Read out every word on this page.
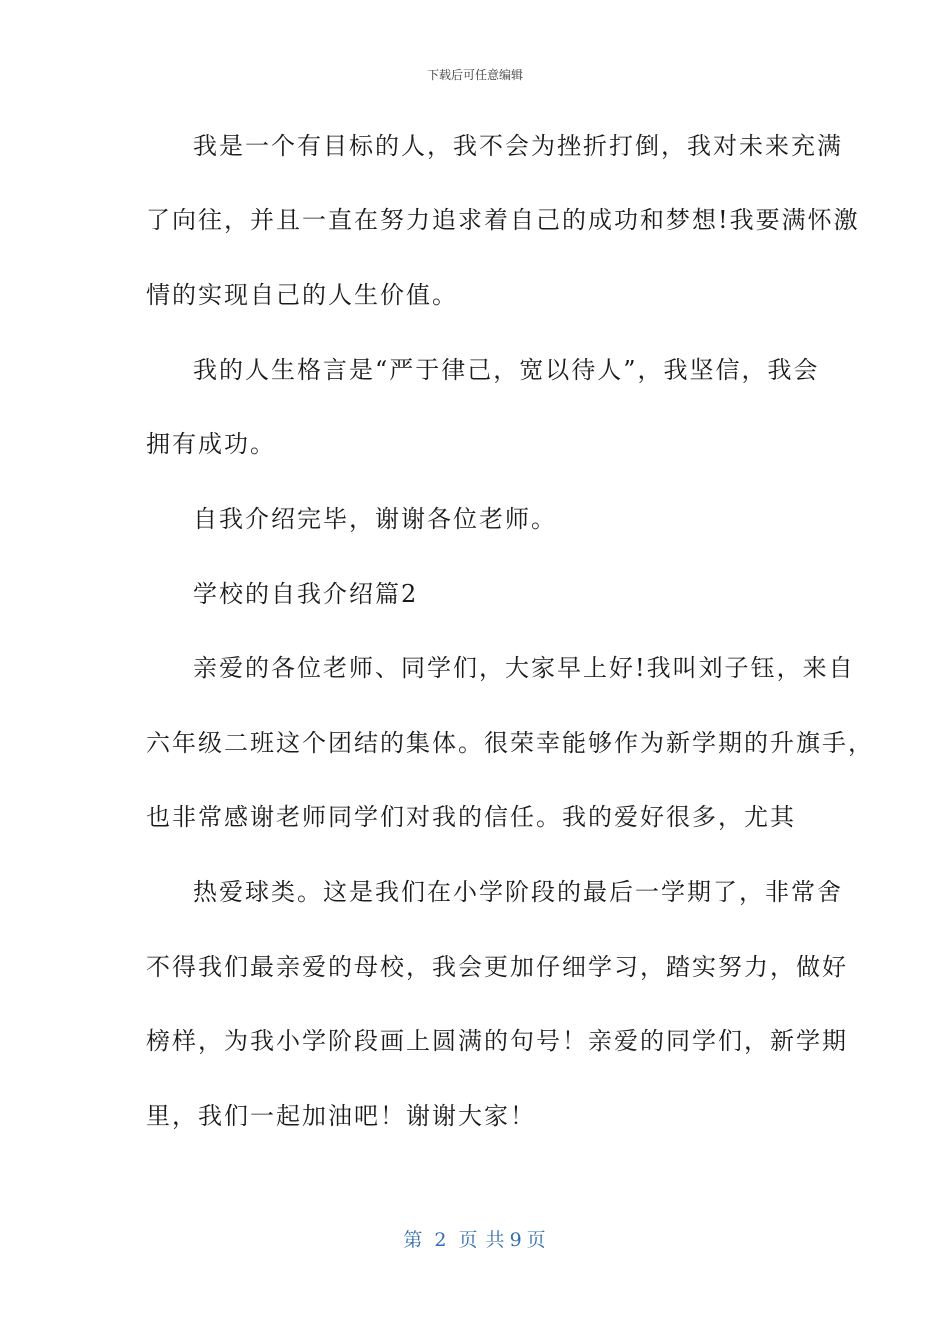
下载后可任意编辑
我是一个有目标的人，我不会为挫折打倒，我对未来充满
了向往，并且一直在努力追求着自己的成功和梦想!我要满怀激
情的实现自己的人生价值。
我的人生格言是“严于律己，宽以待人”，我坚信，我会
拥有成功。
自我介绍完毕，谢谢各位老师。
学校的自我介绍篇2
亲爱的各位老师、同学们，大家早上好!我叫刘子钰，来自
六年级二班这个团结的集体。很荣幸能够作为新学期的升旗手，
也非常感谢老师同学们对我的信任。我的爱好很多，尤其
热爱球类。这是我们在小学阶段的最后一学期了，非常舍
不得我们最亲爱的母校，我会更加仔细学习，踏实努力，做好
榜样，为我小学阶段画上圆满的句号！亲爱的同学们，新学期
里，我们一起加油吧！谢谢大家！
第 2 页 共 9 页
